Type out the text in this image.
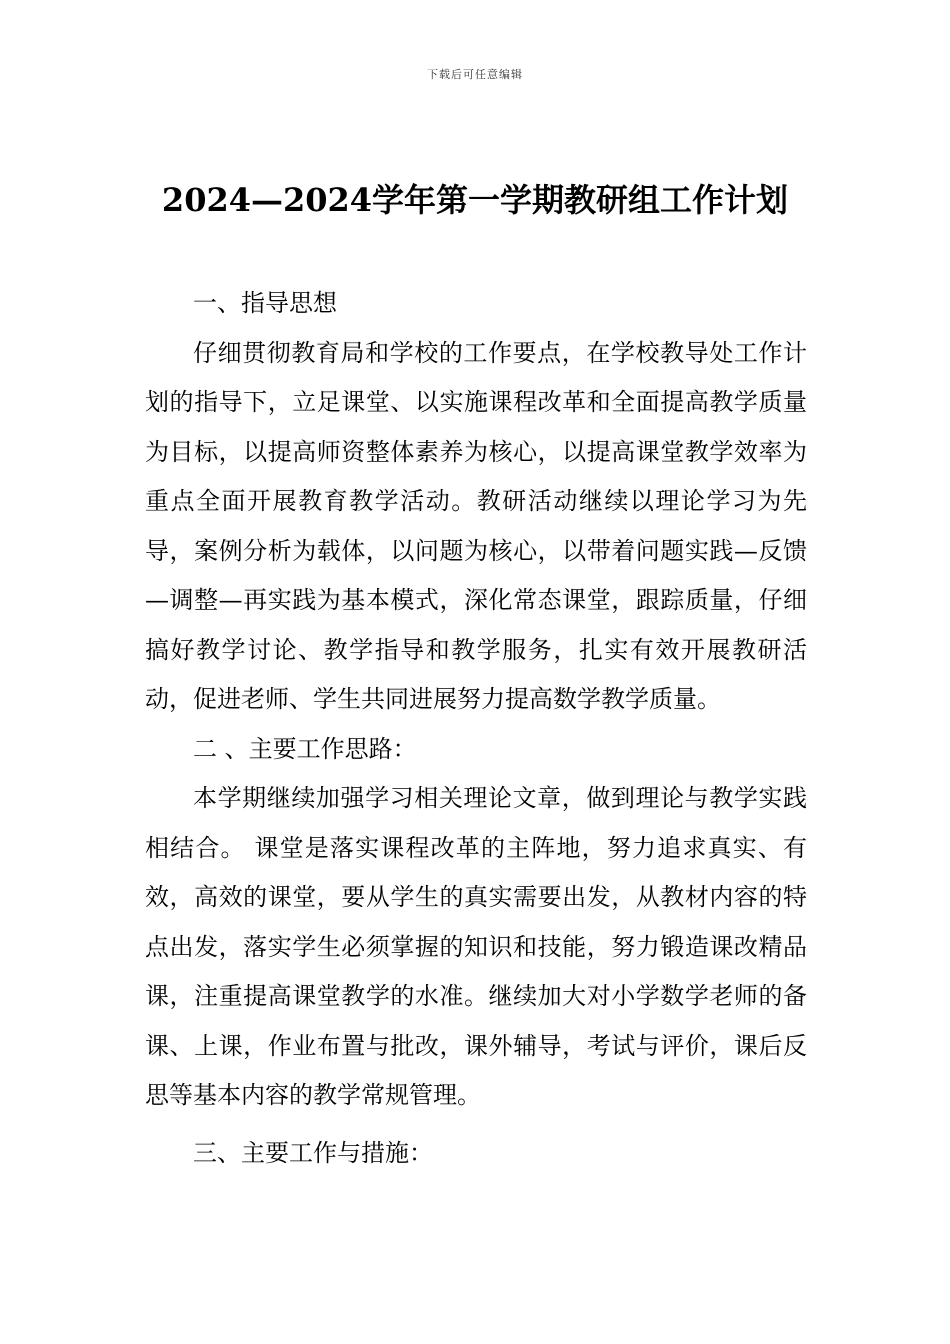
下载后可任意编辑
2024—2024学年第一学期教研组工作计划

一、指导思想

仔细贯彻教育局和学校的工作要点，在学校教导处工作计划的指导下，立足课堂、以实施课程改革和全面提高教学质量为目标，以提高师资整体素养为核心，以提高课堂教学效率为重点全面开展教育教学活动。教研活动继续以理论学习为先导，案例分析为载体，以问题为核心，以带着问题实践—反馈—调整—再实践为基本模式，深化常态课堂，跟踪质量，仔细搞好教学讨论、教学指导和教学服务，扎实有效开展教研活动，促进老师、学生共同进展努力提高数学教学质量。

二 、主要工作思路：

本学期继续加强学习相关理论文章，做到理论与教学实践相结合。 课堂是落实课程改革的主阵地，努力追求真实、有效，高效的课堂，要从学生的真实需要出发，从教材内容的特点出发，落实学生必须掌握的知识和技能，努力锻造课改精品课，注重提高课堂教学的水准。继续加大对小学数学老师的备课、上课，作业布置与批改，课外辅导，考试与评价，课后反思等基本内容的教学常规管理。

三、主要工作与措施：
